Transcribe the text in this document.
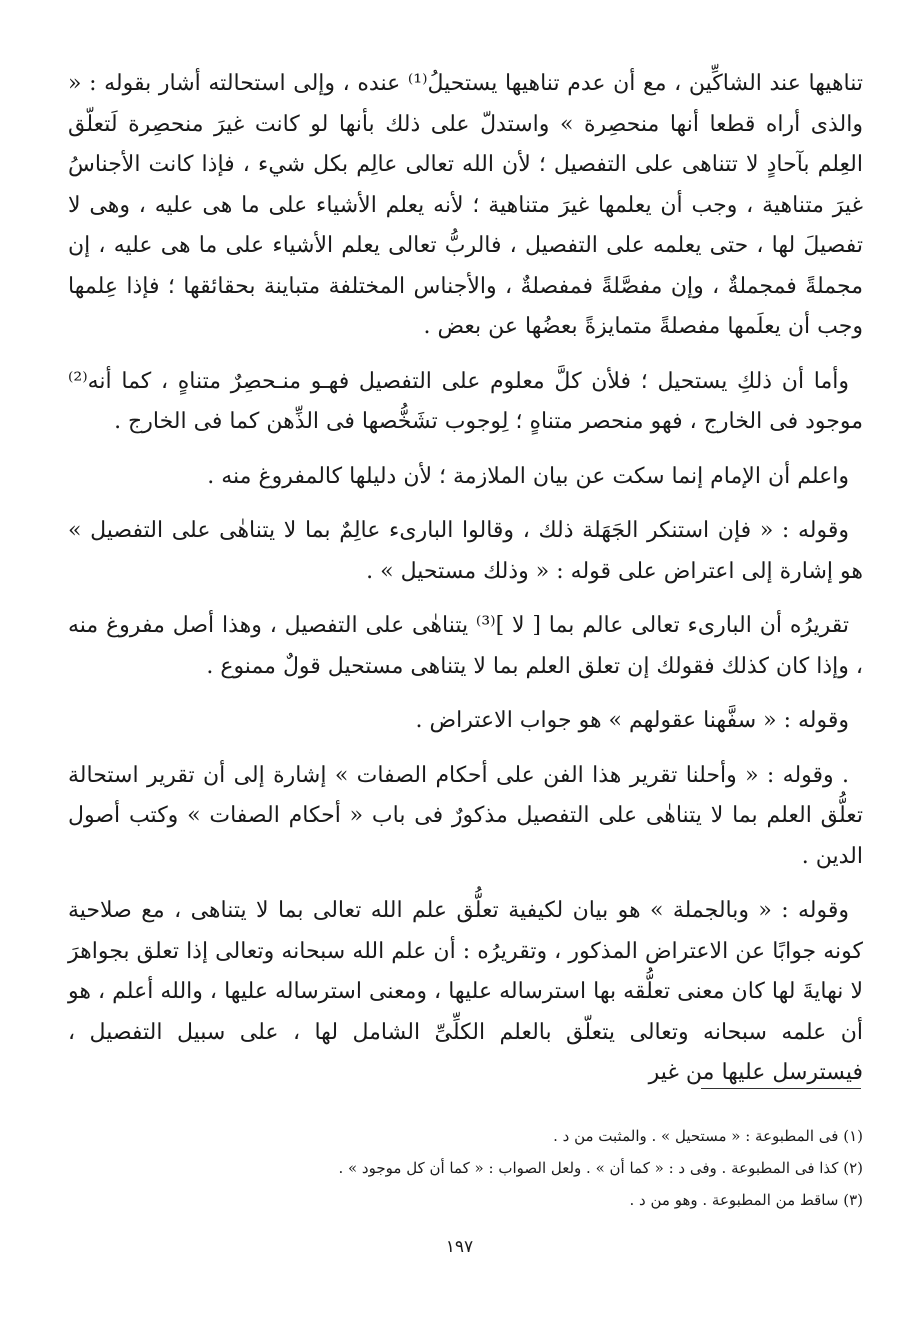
تناهيها عند الشاكِّين ، مع أن عدم تناهيها يستحيلُ⁽¹⁾ عنده ، وإلى استحالته أشار بقوله : « والذى أراه قطعا أنها منحصِرة » واستدلّ على ذلك بأنها لو كانت غيرَ منحصِرة لَتعلّق العِلم بآحادٍ لا تتناهى على التفصيل ؛ لأن الله تعالى عالِم بكل شيء ، فإذا كانت الأجناسُ غيرَ متناهية ، وجب أن يعلمها غيرَ متناهية ؛ لأنه يعلم الأشياء على ما هى عليه ، وهى لا تفصيلَ لها ، حتى يعلمه على التفصيل ، فالربُّ تعالى يعلم الأشياء على ما هى عليه ، إن مجملةً فمجملةٌ ، وإن مفصَّلةً فمفصلةٌ ، والأجناس المختلفة متباينة بحقائقها ؛ فإذا عِلمها وجب أن يعلَمها مفصلةً متمايزةً بعضُها عن بعض .

وأما أن ذلكِ يستحيل ؛ فلأن كلَّ معلوم على التفصيل فهـو منـحصِرٌ متناهٍ ، كما أنه⁽²⁾ موجود فى الخارج ، فهو منحصر متناهٍ ؛ لِوجوب تشَخُّصها فى الذِّهن كما فى الخارج .

واعلم أن الإمام إنما سكت عن بيان الملازمة ؛ لأن دليلها كالمفروغ منه .

وقوله : « فإن استنكر الجَهَلة ذلك ، وقالوا البارىء عالِمٌ بما لا يتناهٰى على التفصيل » هو إشارة إلى اعتراض على قوله : « وذلك مستحيل » .

تقريرُه أن البارىء تعالى عالم بما [ لا ]⁽³⁾ يتناهٰى على التفصيل ، وهذا أصل مفروغ منه ، وإذا كان كذلك فقولك إن تعلق العلم بما لا يتناهى مستحيل قولٌ ممنوع .

وقوله : « سفَّهنا عقولهم » هو جواب الاعتراض .

. وقوله : « وأحلنا تقرير هذا الفن على أحكام الصفات » إشارة إلى أن تقرير استحالة تعلُّق العلم بما لا يتناهٰى على التفصيل مذكورٌ فى باب « أحكام الصفات » وكتب أصول الدين .

وقوله : « وبالجملة » هو بيان لكيفية تعلُّق علم الله تعالى بما لا يتناهى ، مع صلاحية كونه جوابًا عن الاعتراض المذكور ، وتقريرُه : أن علم الله سبحانه وتعالى إذا تعلق بجواهرَ لا نهايةَ لها كان معنى تعلُّقه بها استرساله عليها ، ومعنى استرساله عليها ، والله أعلم ، هو أن علمه سبحانه وتعالى يتعلّق بالعلم الكلِّىِّ الشامل لها ، على سبيل التفصيل ، فيسترسل عليها من غير

(١) فى المطبوعة : « مستحيل » . والمثبت من د .

(٢) كذا فى المطبوعة . وفى د : « كما أن » . ولعل الصواب : « كما أن كل موجود » .

(٣) ساقط من المطبوعة . وهو من د .

١٩٧
